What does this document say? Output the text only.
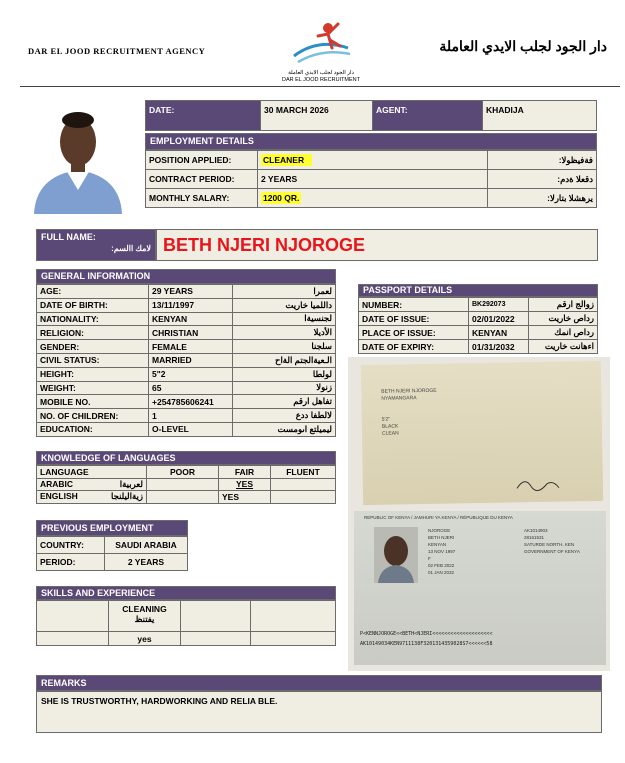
DAR EL JOOD RECRUITMENT AGENCY	دار الجود لجلب الايدي العاملة
دار الجود لجلب الايدي العاملة
DAR EL JOOD RECRUITMENT
DATE:	30 MARCH 2026	AGENT:	KHADIJA
EMPLOYMENT DETAILS
POSITION APPLIED:	CLEANER	فةفيظولا:
CONTRACT PERIOD:	2 YEARS	دقعلا ةدم:
MONTHLY SALARY:	1200 QR.	يرهشلا بتارلا:
FULL NAME:
لامك االسم: BETH NJERI NJOROGE
GENERAL INFORMATION
AGE:	29 YEARS	لعمرا
DATE OF BIRTH:	13/11/1997	داللميا خاريت
NATIONALITY:	KENYAN	لجنسيةا
RELIGION:	CHRISTIAN	الأديلا
GENDER:	FEMALE	سلجنا
CIVIL STATUS:	MARRIED	الـعيةالجتم الةاح
HEIGHT:	5"2	لولطا
WEIGHT:	65	زنولا
MOBILE NO.	+254785606241	تفاهل ارقم
NO. OF CHILDREN:	1	لالطفا ددع
EDUCATION:	O-LEVEL	ليميلتع اىومست
PASSPORT DETAILS
NUMBER:	BK292073	زوالج ارقم
DATE OF ISSUE:	02/01/2022	رداص خاريت
PLACE OF ISSUE:	KENYAN	رداص انمك
DATE OF EXPIRY:	01/31/2032	اءهانت خاريت
BETH NJERI NJOROGE
NYAMANGARA
5'2"
BLACK
CLEAN
REPUBLIC OF KENYA / JAMHURI YA KENYA / RÉPUBLIQUE DU KENYA
NJOROGE
BETH NJERI
KENYAN
13 NOV 1997
F
02 FEB 2022
01 JAN 2032
AK1014903
28161531
SATURDE NORTH, KEN
GOVERNMENT OF KENYA
P<KENNJOROGE<<BETH<NJERI<<<<<<<<<<<<<<<<<<<<
AK10149034KEN9711138F3201314359028S7<<<<<<58
KNOWLEDGE OF LANGUAGES
LANGUAGE	POOR	FAIR	FLUENT
ARABIC لعربيةا		YES	
ENGLISH زيةاليلنجا		YES	
PREVIOUS EMPLOYMENT
COUNTRY:	SAUDI ARABIA
PERIOD:	2 YEARS
SKILLS AND EXPERIENCE

	CLEANING
يفتنظ		

	yes		
REMARKS
SHE IS TRUSTWORTHY, HARDWORKING AND RELIA BLE.
